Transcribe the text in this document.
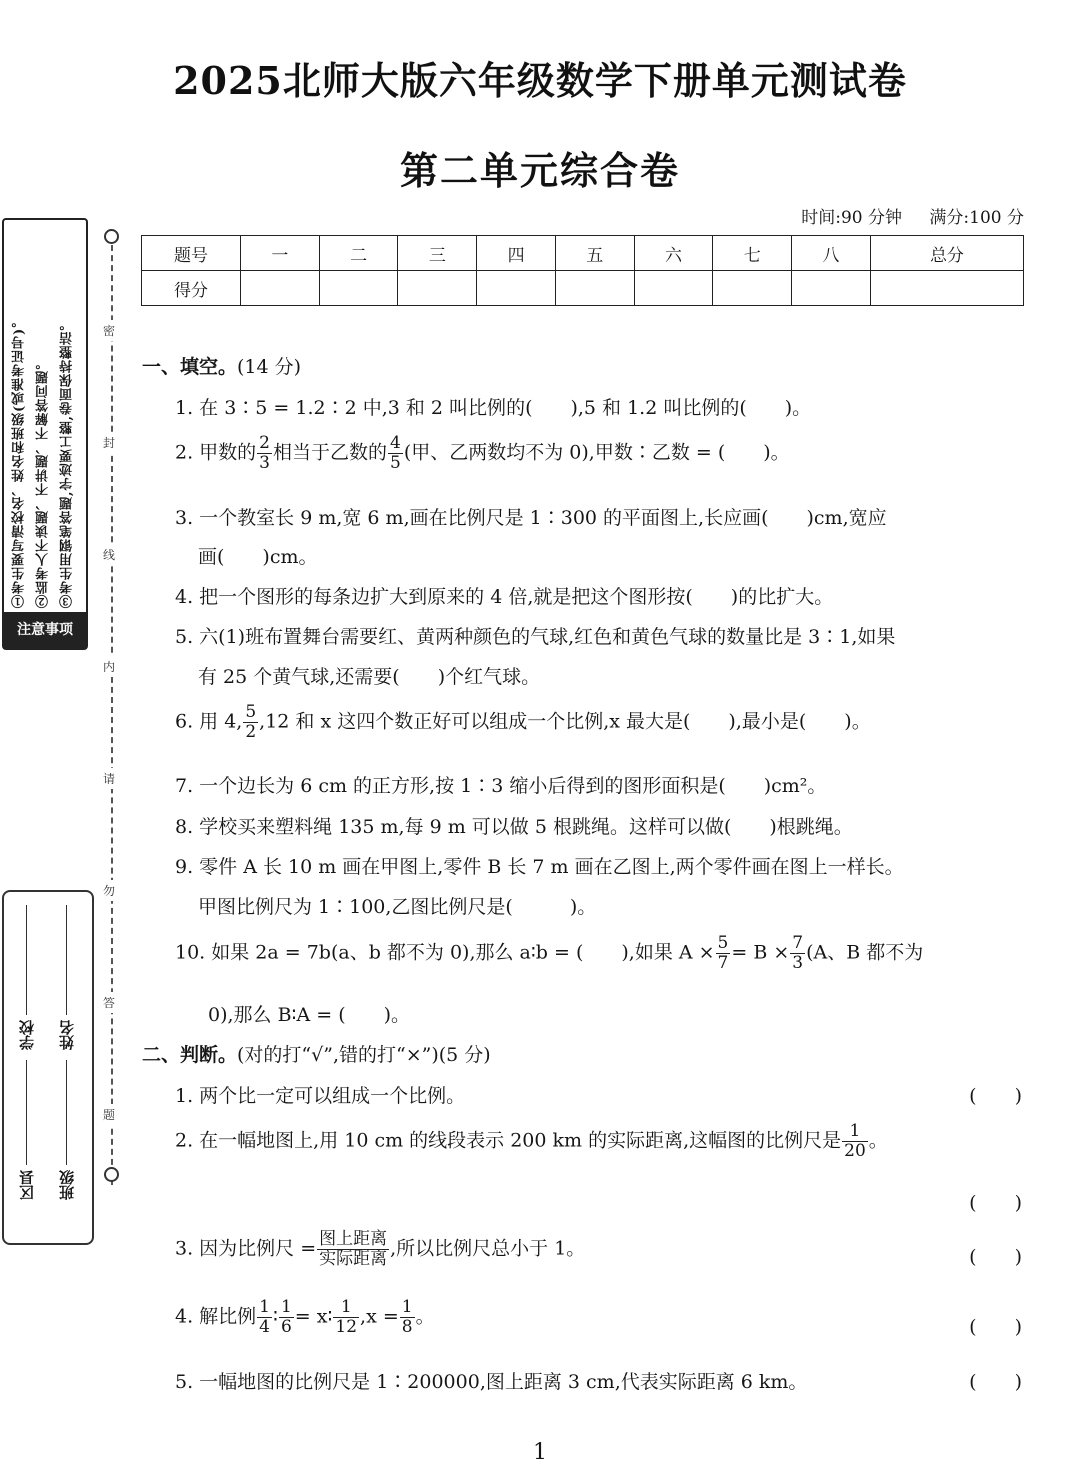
①考生要写清校名、姓名和班级(或准考证号)。 ②监考人不读题、不讲题、不解答问题。 ③考生用钢笔答题,字迹要工整,卷面保持整洁。
注意事项
密
封
线
内
请
勿
答
题
学校 姓名
区县 班级
2025北师大版六年级数学下册单元测试卷
第二单元综合卷
时间:90 分钟 满分:100 分
题号	一	二	三	四	五	六	七	八	总分
得分									
一、填空。(14 分)
1. 在 3∶5 = 1.2∶2 中,3 和 2 叫比例的(　　),5 和 1.2 叫比例的(　　)。
2. 甲数的 $\frac{2}{3}$ 相当于乙数的 $\frac{4}{5}$ (甲、乙两数均不为 0),甲数∶乙数 = (　　)。
3. 一个教室长 9 m,宽 6 m,画在比例尺是 1∶300 的平面图上,长应画(　　)cm,宽应
画(　　)cm。
4. 把一个图形的每条边扩大到原来的 4 倍,就是把这个图形按(　　)的比扩大。
5. 六(1)班布置舞台需要红、黄两种颜色的气球,红色和黄色气球的数量比是 3∶1,如果
有 25 个黄气球,还需要(　　)个红气球。
6. 用 4, $\frac{5}{2} ,12$ 和 x 这四个数正好可以组成一个比例,x 最大是(　　),最小是(　　)。
7. 一个边长为 6 cm 的正方形,按 1∶3 缩小后得到的图形面积是(　　)cm²。
8. 学校买来塑料绳 135 m,每 9 m 可以做 5 根跳绳。这样可以做(　　)根跳绳。
9. 零件 A 长 10 m 画在甲图上,零件 B 长 7 m 画在乙图上,两个零件画在图上一样长。
甲图比例尺为 1∶100,乙图比例尺是(　　　)。
10. 如果 2a = 7b(a、b 都不为 0),那么 a∶b = (　　),如果 $A \times \frac{5}{7} = B \times \frac{7}{3} (A$、B 都不为
0),那么 B∶A = (　　)。
二、判断。(对的打“√”,错的打“×”)(5 分)
1. 两个比一定可以组成一个比例。	(　　)
2. 在一幅地图上,用 10 cm 的线段表示 200 km 的实际距离,这幅图的比例尺是 $\frac{1}{20}$ 。
(　　)
3. 因为比例尺 = $\frac{\text{图上距离}}{\text{实际距离}}$ ,所以比例尺总小于 1。	(　　)
4. 解比例 $\frac{1}{4}$ ∶ $\frac{1}{6}$ = x∶ $\frac{1}{12} ,x = \frac{1}{8}$ 。	(　　)
5. 一幅地图的比例尺是 1∶200000,图上距离 3 cm,代表实际距离 6 km。	(　　)
1
